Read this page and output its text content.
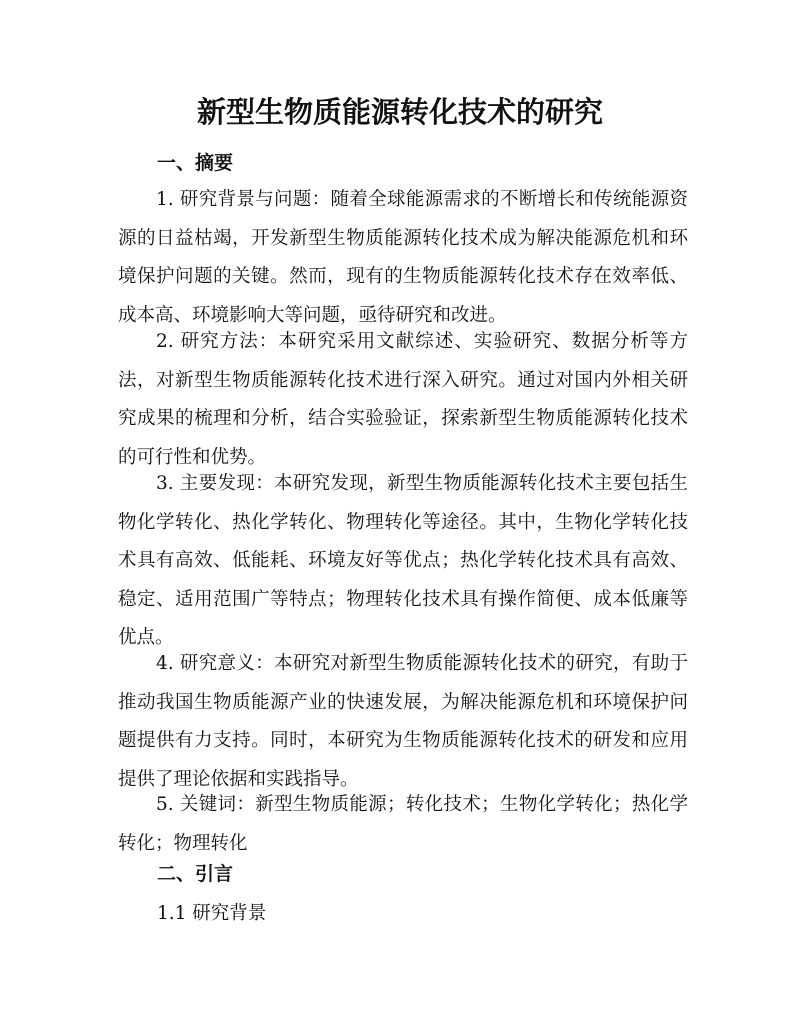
新型生物质能源转化技术的研究
一、摘要

1. 研究背景与问题：随着全球能源需求的不断增长和传统能源资源的日益枯竭，开发新型生物质能源转化技术成为解决能源危机和环境保护问题的关键。然而，现有的生物质能源转化技术存在效率低、成本高、环境影响大等问题，亟待研究和改进。

2. 研究方法：本研究采用文献综述、实验研究、数据分析等方法，对新型生物质能源转化技术进行深入研究。通过对国内外相关研究成果的梳理和分析，结合实验验证，探索新型生物质能源转化技术的可行性和优势。

3. 主要发现：本研究发现，新型生物质能源转化技术主要包括生物化学转化、热化学转化、物理转化等途径。其中，生物化学转化技术具有高效、低能耗、环境友好等优点；热化学转化技术具有高效、稳定、适用范围广等特点；物理转化技术具有操作简便、成本低廉等优点。

4. 研究意义：本研究对新型生物质能源转化技术的研究，有助于推动我国生物质能源产业的快速发展，为解决能源危机和环境保护问题提供有力支持。同时，本研究为生物质能源转化技术的研发和应用提供了理论依据和实践指导。

5. 关键词：新型生物质能源；转化技术；生物化学转化；热化学转化；物理转化

二、引言

1.1 研究背景
